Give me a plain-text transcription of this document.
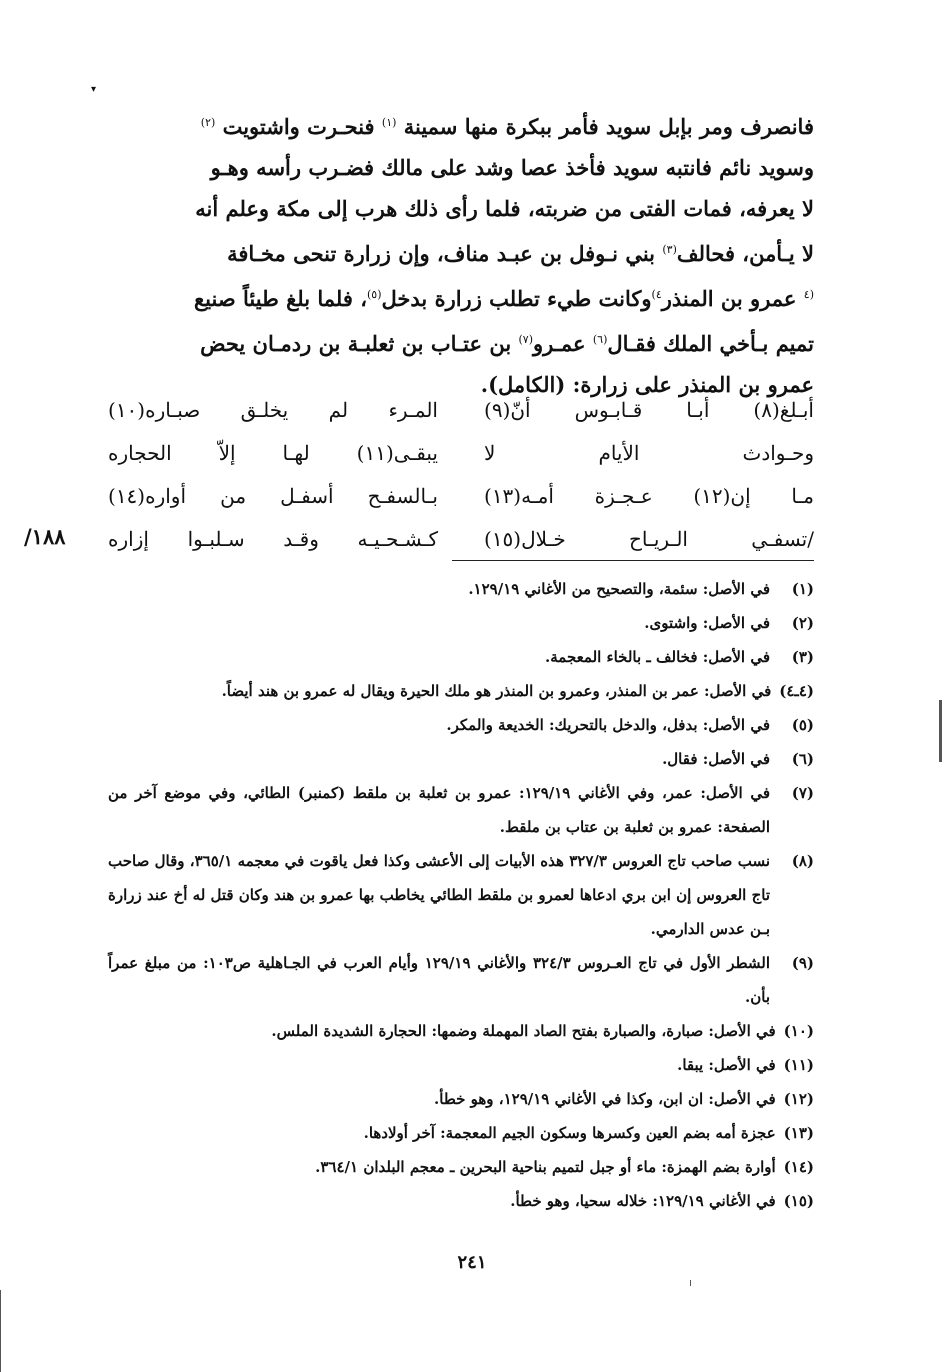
▾

فانصرف ومر بإبل سويد فأمر ببكرة منها سمينة $^{(١)}$ فنحـرت واشتويت $^{(٢)}$

وسويد نائم فانتبه سويد فأخذ عصا وشد على مالك فضـرب رأسه وهـو

لا يعرفه، فمات الفتى من ضربته، فلما رأى ذلك هرب إلى مكة وعلم أنه

لا يـأمن، فحالف$^{(٣)}$ بني نـوفل بن عبـد مناف، وإن زرارة تنحى مخـافة

$^{(٤}$ عمرو بن المنذر$^{٤)}$وكانت طيء تطلب زرارة بدخل$^{(٥)}$، فلما بلغ طيئاً صنيع

تميم بـأخي الملك فقـال$^{(٦)}$ عمـرو$^{(٧)}$ بن عتـاب بن ثعلبـة بن ردمـان يحض

عمرو بن المنذر على زرارة: (الكامل).

أبـلغ(٨) أبـا قـابـوس أنّ(٩)
المـرء لم يخلـق صبـاره(١٠)
وحـوادث الأيام لا
يبقـى(١١) لهـا إلاّ الحجاره
مـا إن(١٢) عـجـزة أمـه(١٣)
بـالسفـح أسفـل من أواره(١٤)
/تسفـي الـريـاح خـلال(١٥)
كـشـحـيـه وقـد سـلبـوا إزاره
١٨٨/
(١)
في الأصل: سئمة، والتصحيح من الأغاني ١٢٩/١٩.
(٢)
في الأصل: واشتوى.
(٣)
في الأصل: فخالف ـ بالخاء المعجمة.
(٤ـ٤)
في الأصل: عمر بن المنذر، وعمرو بن المنذر هو ملك الحيرة ويقال له عمرو بن هند أيضاً.
(٥)
في الأصل: بدفل، والدخل بالتحريك: الخديعة والمكر.
(٦)
في الأصل: فقال.
(٧)
في الأصل: عمر، وفي الأغاني ١٢٩/١٩: عمرو بن ثعلبة بن ملقط (كمنبر) الطائي، وفي موضع آخر من الصفحة: عمرو بن ثعلبة بن عتاب بن ملقط.
(٨)
نسب صاحب تاج العروس ٣٢٧/٣ هذه الأبيات إلى الأعشى وكذا فعل ياقوت في معجمه ٣٦٥/١، وقال صاحب تاج العروس إن ابن بري ادعاها لعمرو بن ملقط الطائي يخاطب بها عمرو بن هند وكان قتل له أخ عند زرارة بـن عدس الدارمي.
(٩)
الشطر الأول في تاج العـروس ٣٢٤/٣ والأغاني ١٢٩/١٩ وأيام العرب في الجـاهلية ص١٠٣: من مبلغ عمراً بأن.
(١٠)
في الأصل: صبارة، والصبارة بفتح الصاد المهملة وضمها: الحجارة الشديدة الملس.
(١١)
في الأصل: يبقا.
(١٢)
في الأصل: ان ابن، وكذا في الأغاني ١٢٩/١٩، وهو خطأ.
(١٣)
عجزة أمه بضم العين وكسرها وسكون الجيم المعجمة: آخر أولادها.
(١٤)
أوارة بضم الهمزة: ماء أو جبل لتميم بناحية البحرين ـ معجم البلدان ٣٦٤/١.
(١٥)
في الأغاني ١٢٩/١٩: خلاله سحيا، وهو خطأ.
٢٤١
